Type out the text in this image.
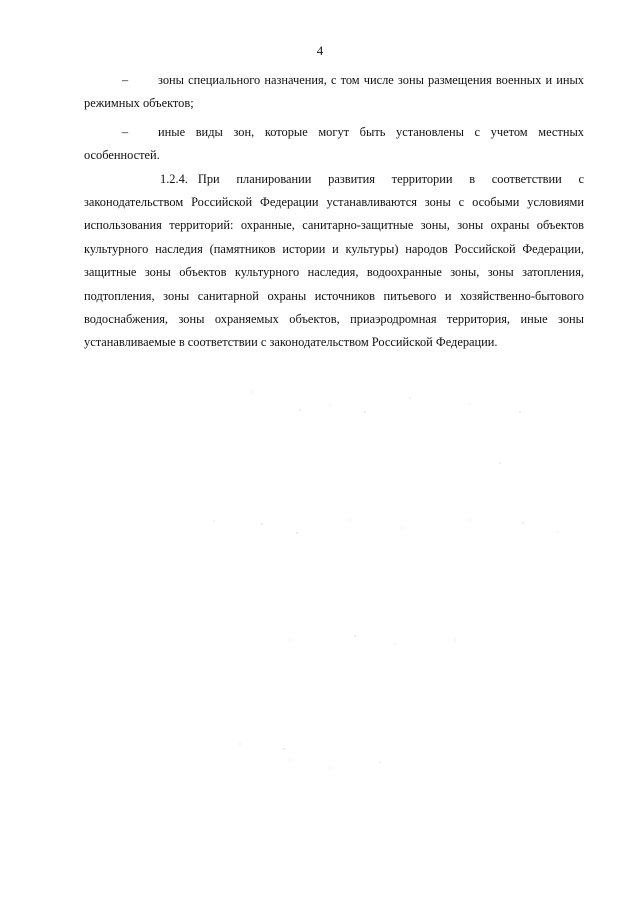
4

– зоны специального назначения, с том числе зоны размещения военных и иных режимных объектов;

– иные виды зон, которые могут быть установлены с учетом местных особенностей.

1.2.4. При планировании развития территории в соответствии с законодательством Российской Федерации устанавливаются зоны с особыми условиями использования территорий: охранные, санитарно-защитные зоны, зоны охраны объектов культурного наследия (памятников истории и культуры) народов Российской Федерации, защитные зоны объектов культурного наследия, водоохранные зоны, зоны затопления, подтопления, зоны санитарной охраны источников питьевого и хозяйственно-бытового водоснабжения, зоны охраняемых объектов, приаэродромная территория, иные зоны устанавливаемые в соответствии с законодательством Российской Федерации.
